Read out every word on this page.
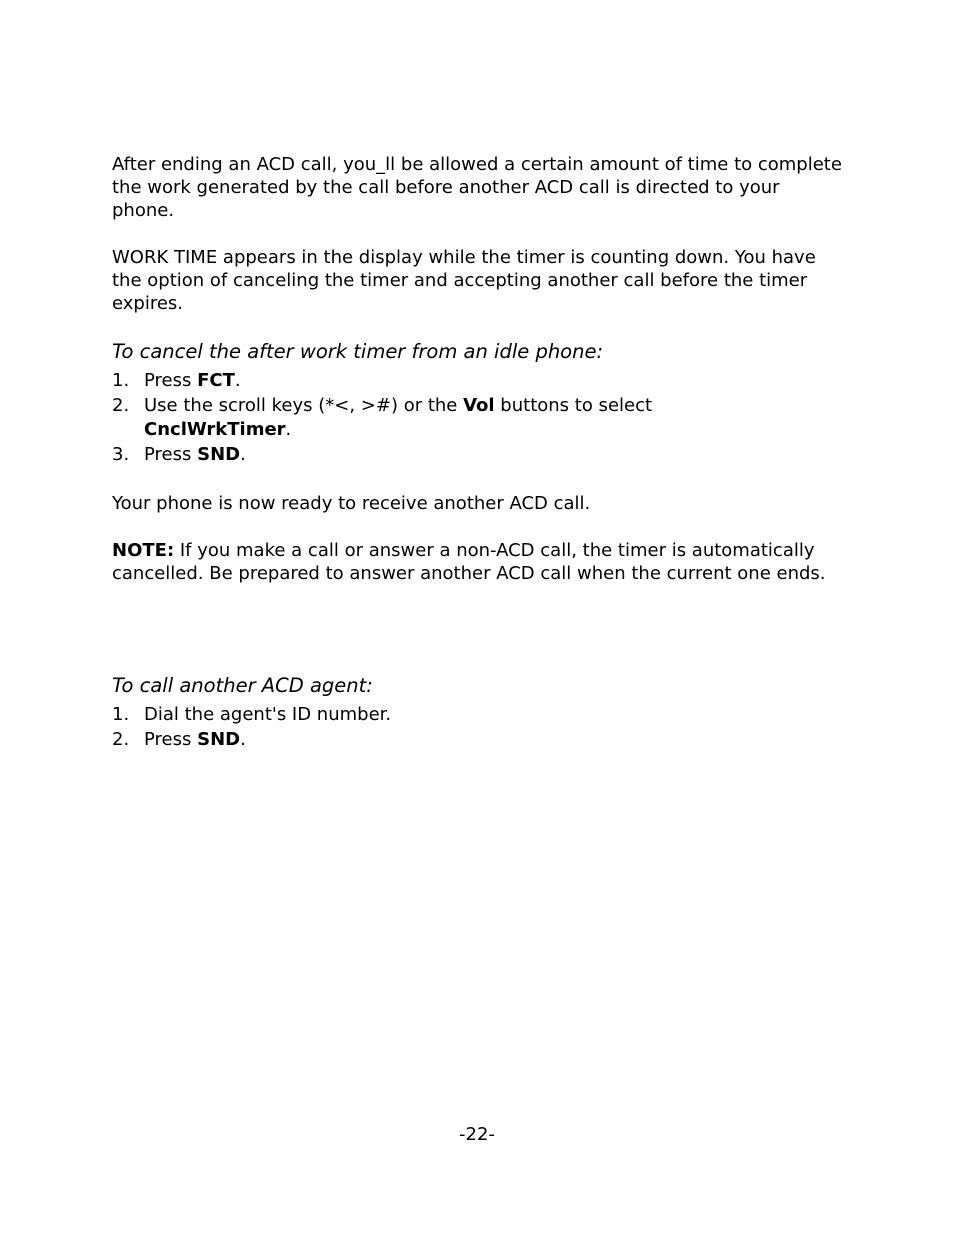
After ending an ACD call, you_ll be allowed a certain amount of time to complete the work generated by the call before another ACD call is directed to your phone.

WORK TIME appears in the display while the timer is counting down. You have the option of canceling the timer and accepting another call before the timer expires.

To cancel the after work timer from an idle phone:

1. Press FCT.
2. Use the scroll keys (*<, >#) or the Vol buttons to select
CnclWrkTimer.
3. Press SND.

Your phone is now ready to receive another ACD call.

NOTE: If you make a call or answer a non-ACD call, the timer is automatically cancelled. Be prepared to answer another ACD call when the current one ends.

To call another ACD agent:

1. Dial the agent's ID number.
2. Press SND.
-22-
